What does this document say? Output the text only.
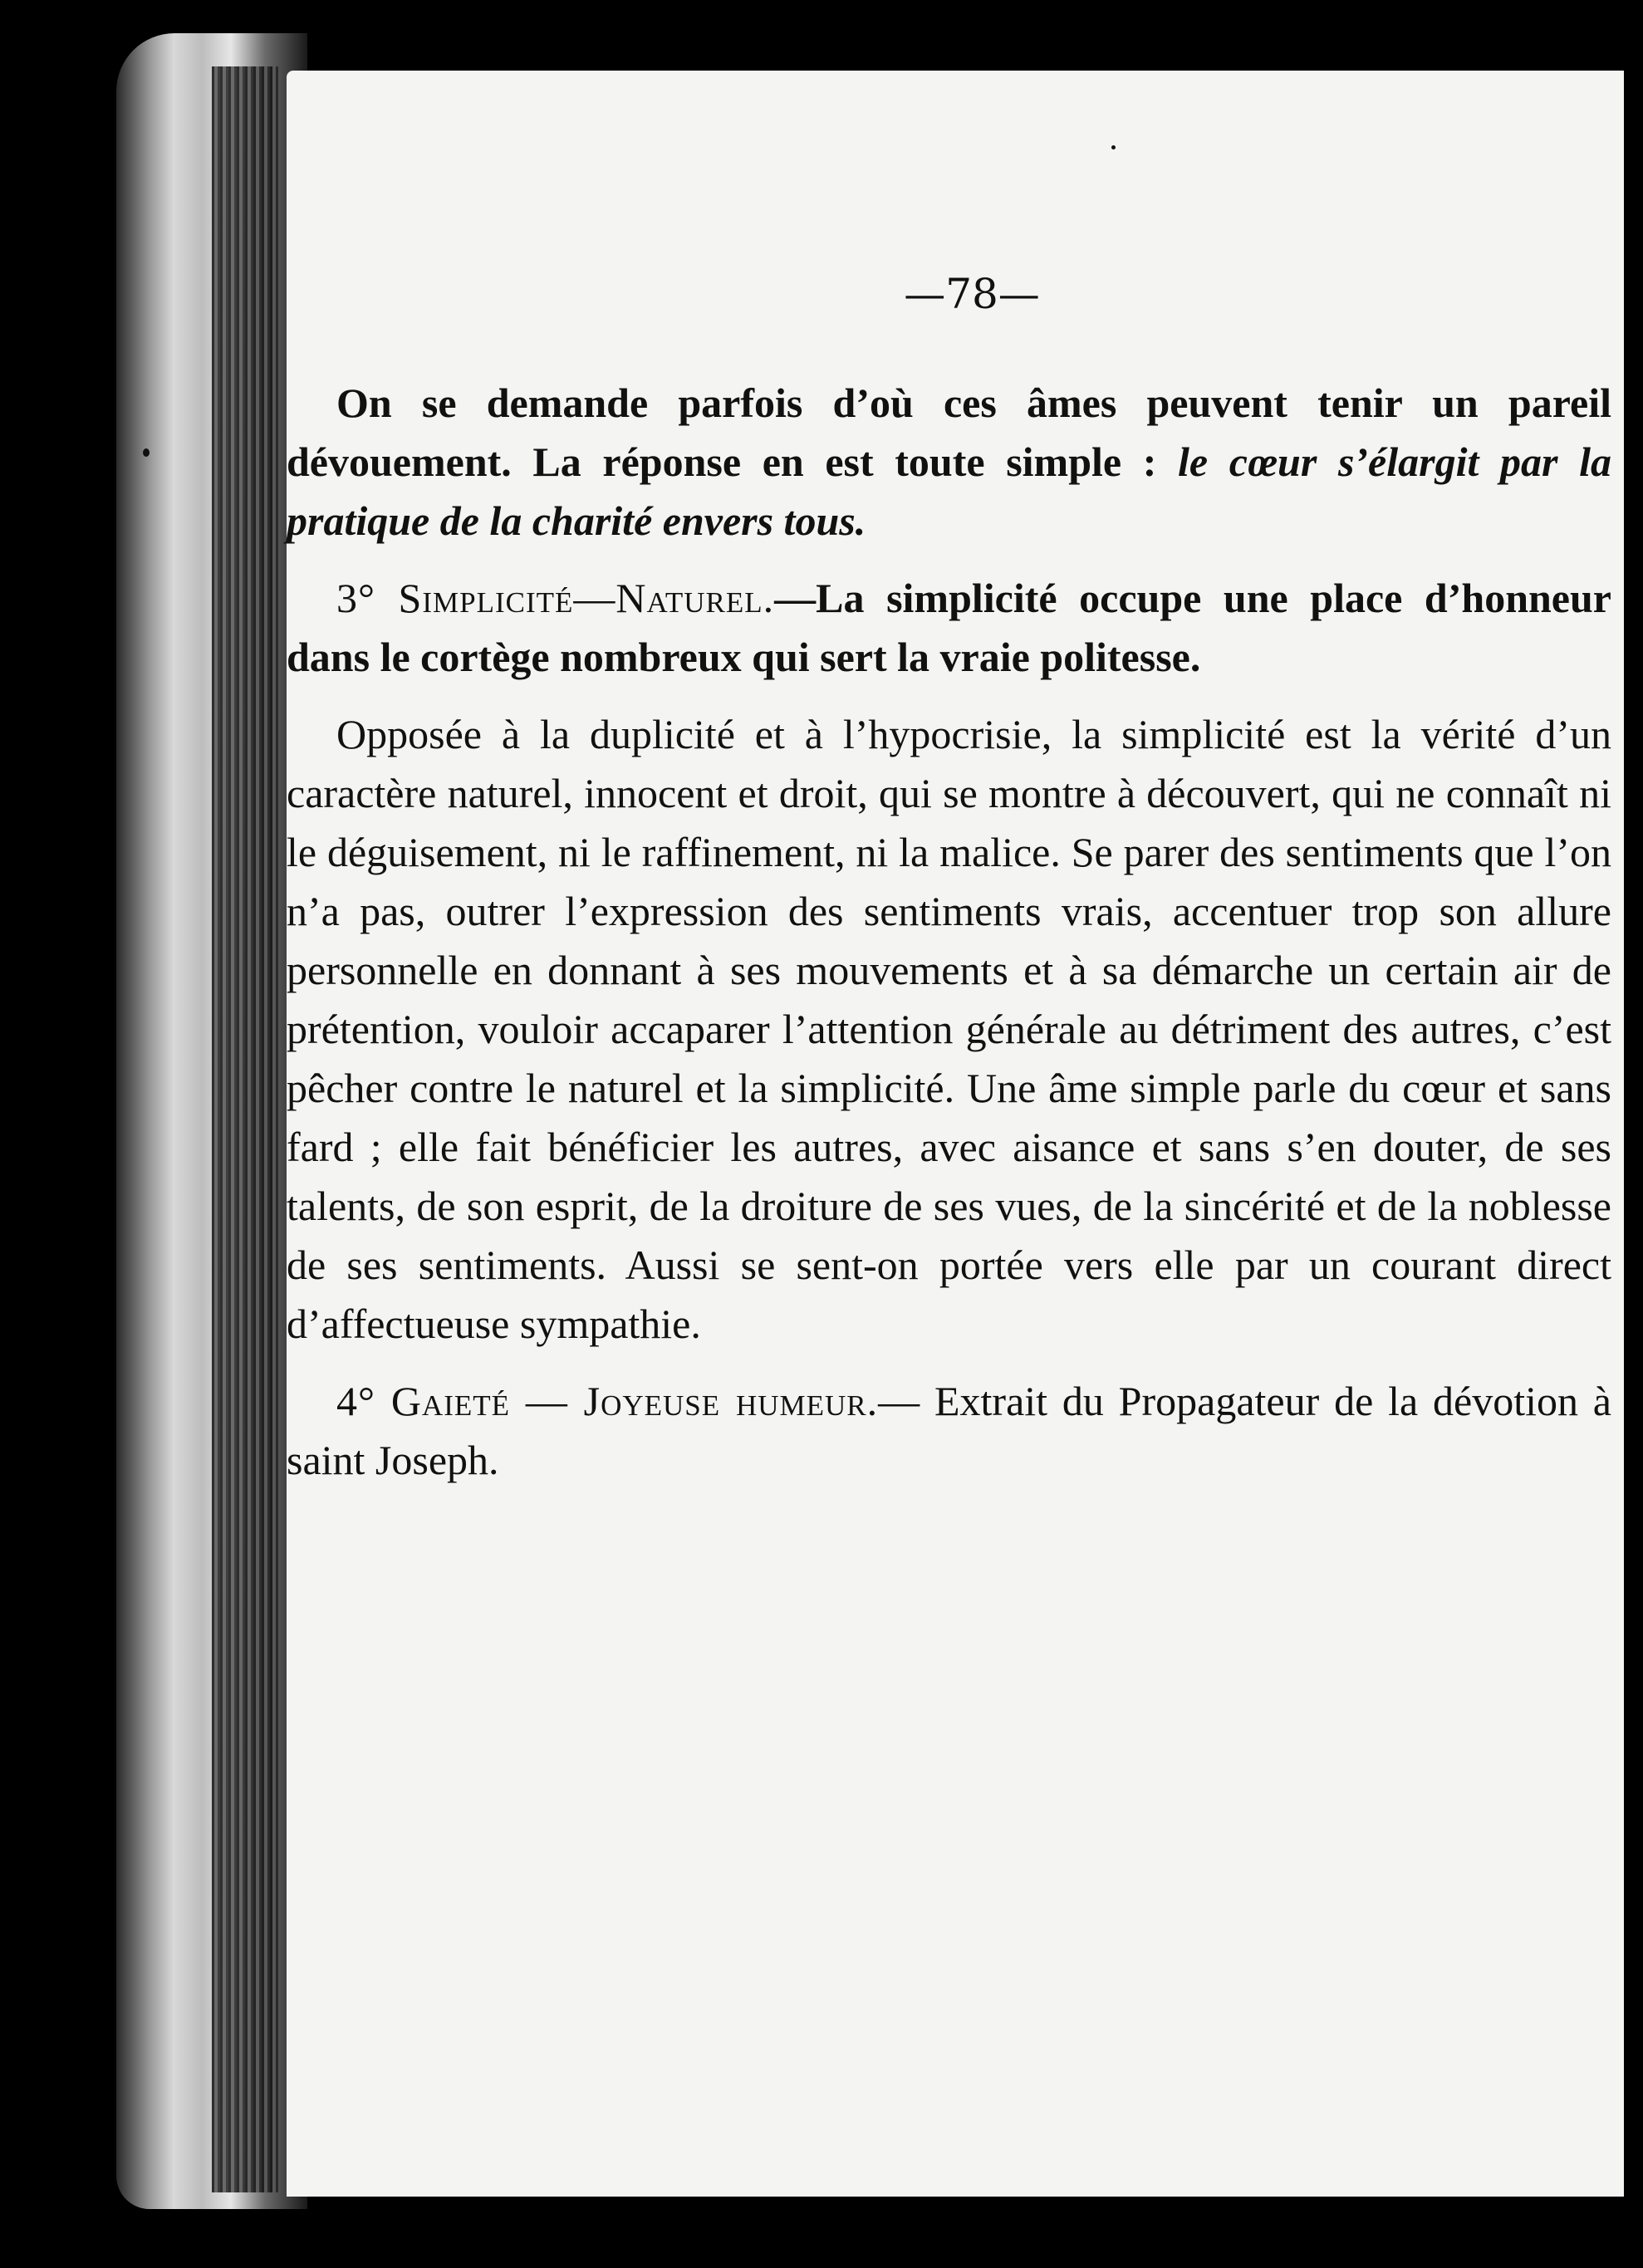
—78—

On se demande parfois d’où ces âmes peuvent tenir un pareil dévouement. La réponse en est toute simple : le cœur s’élargit par la pratique de la charité envers tous.

3° Simplicité—Naturel.—La simplicité occupe une place d’honneur dans le cortège nombreux qui sert la vraie politesse.

Opposée à la duplicité et à l’hypocrisie, la simplicité est la vérité d’un caractère naturel, innocent et droit, qui se montre à découvert, qui ne connaît ni le déguisement, ni le raffinement, ni la malice. Se parer des sentiments que l’on n’a pas, outrer l’expression des sentiments vrais, accentuer trop son allure personnelle en donnant à ses mouvements et à sa démarche un certain air de prétention, vouloir accaparer l’attention générale au détriment des autres, c’est pêcher contre le naturel et la simplicité. Une âme simple parle du cœur et sans fard ; elle fait bénéficier les autres, avec aisance et sans s’en douter, de ses talents, de son esprit, de la droiture de ses vues, de la sincérité et de la noblesse de ses sentiments. Aussi se sent-on portée vers elle par un courant direct d’affectueuse sympathie.

4° Gaieté — Joyeuse humeur.— Extrait du Propagateur de la dévotion à saint Joseph.
